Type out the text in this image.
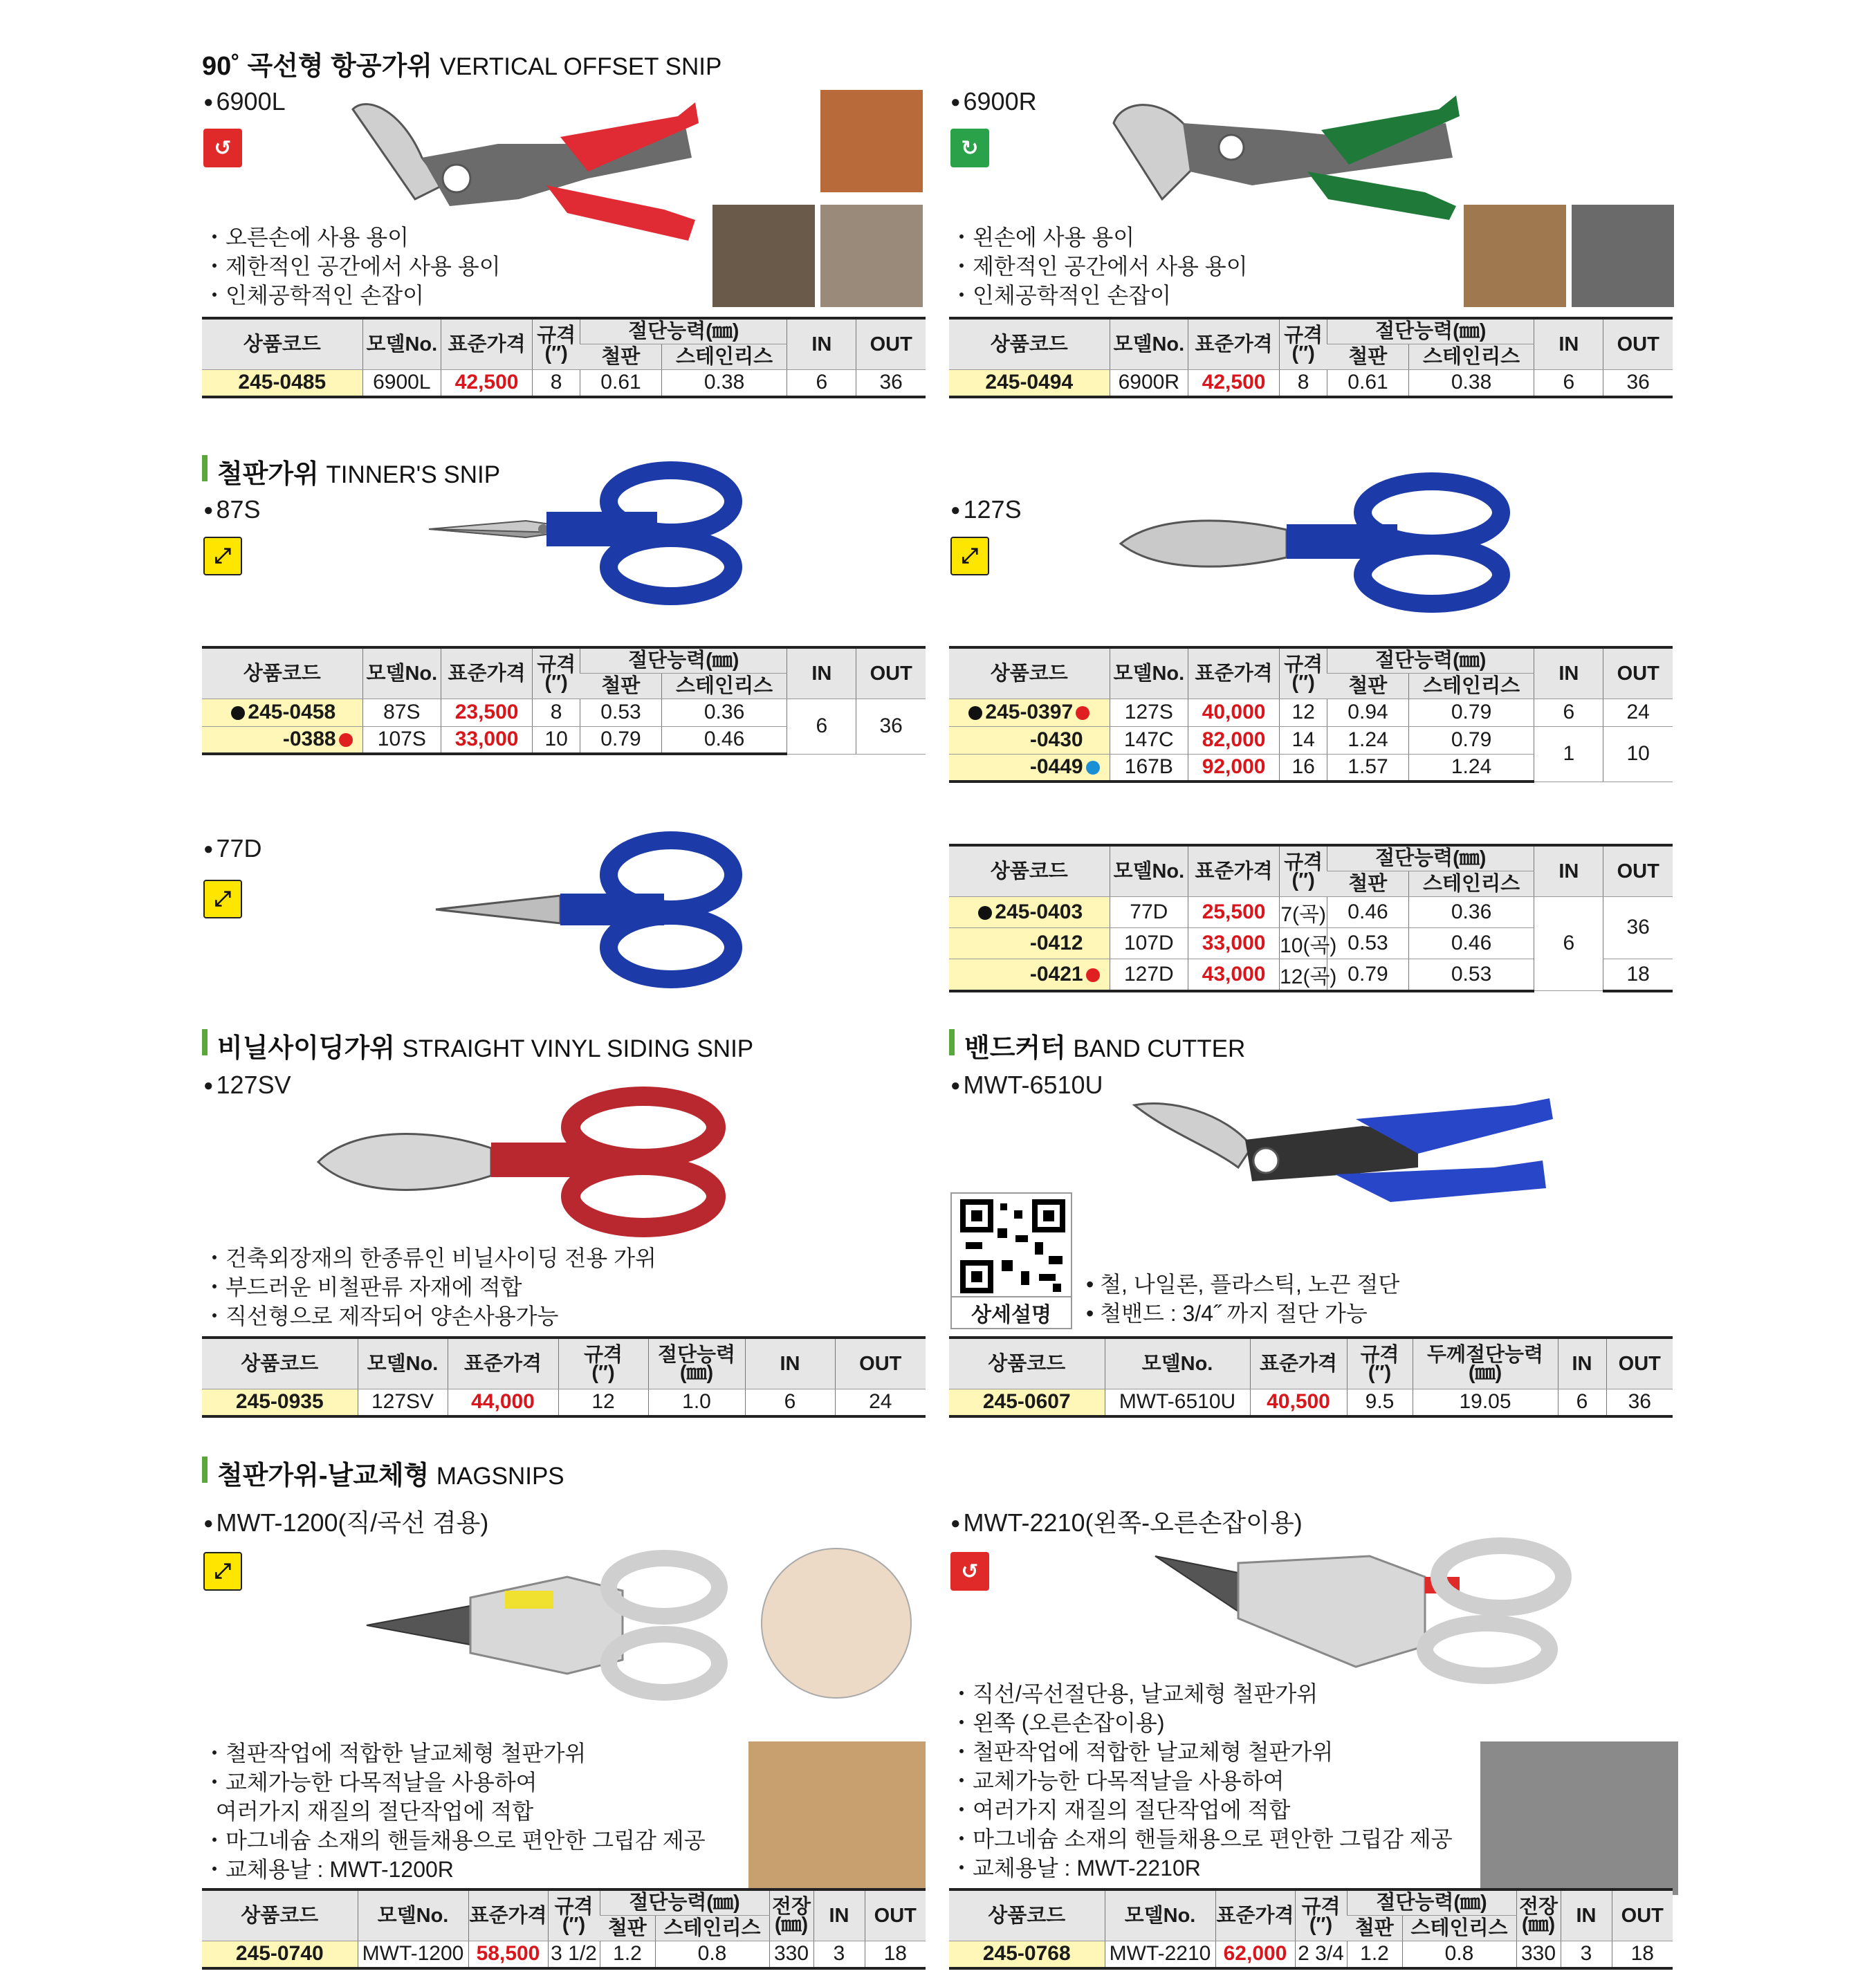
90˚ 곡선형 항공가위 VERTICAL OFFSET SNIP
● 6900L
↺
・오른손에 사용 용이
・제한적인 공간에서 사용 용이
・인체공학적인 손잡이
상품코드	모델No.	표준가격	규격
(″)	절단능력(㎜)		IN	OUT
				철판	스테인리스		
245-0485	6900L	42,500	8	0.61	0.38	6	36
● 6900R
↻
・왼손에 사용 용이
・제한적인 공간에서 사용 용이
・인체공학적인 손잡이
상품코드	모델No.	표준가격	규격
(″)	절단능력(㎜)		IN	OUT
				철판	스테인리스		
245-0494	6900R	42,500	8	0.61	0.38	6	36
철판가위 TINNER'S SNIP
● 87S
⤢
● 127S
⤢
상품코드	모델No.	표준가격	규격
(″)	절단능력(㎜)		IN	OUT
				철판	스테인리스		
245-0458	87S	23,500	8	0.53	0.36	6	36
-0388	107S	33,000	10	0.79	0.46		
상품코드	모델No.	표준가격	규격
(″)	절단능력(㎜)		IN	OUT
				철판	스테인리스		
245-0397	127S	40,000	12	0.94	0.79	6	24
-0430	147C	82,000	14	1.24	0.79	1	10
-0449	167B	92,000	16	1.57	1.24		
● 77D
⤢
상품코드	모델No.	표준가격	규격
(″)	절단능력(㎜)		IN	OUT
				철판	스테인리스		
245-0403	77D	25,500	7(곡)	0.46	0.36	6	36
-0412	107D	33,000	10(곡)	0.53	0.46		
-0421	127D	43,000	12(곡)	0.79	0.53		18
비닐사이딩가위 STRAIGHT VINYL SIDING SNIP
● 127SV
・건축외장재의 한종류인 비닐사이딩 전용 가위
・부드러운 비철판류 자재에 적합
・직선형으로 제작되어 양손사용가능
상품코드	모델No.	표준가격	규격
(″)	절단능력
(㎜)	IN	OUT
245-0935	127SV	44,000	12	1.0	6	24
밴드커터 BAND CUTTER
● MWT-6510U
상세설명
• 철, 나일론, 플라스틱, 노끈 절단
• 철밴드 : 3/4˝ 까지 절단 가능
상품코드	모델No.	표준가격	규격
(″)	두께절단능력
(㎜)	IN	OUT
245-0607	MWT-6510U	40,500	9.5	19.05	6	36
철판가위-날교체형 MAGSNIPS
● MWT-1200(직/곡선 겸용)
⤢
・철판작업에 적합한 날교체형 철판가위
・교체가능한 다목적날을 사용하여
여러가지 재질의 절단작업에 적합
・마그네슘 소재의 핸들채용으로 편안한 그립감 제공
・교체용날 : MWT-1200R
상품코드	모델No.	표준가격	규격
(″)	절단능력(㎜)		전장
(㎜)	IN	OUT
				철판	스테인리스			
245-0740	MWT-1200	58,500	3 1/2	1.2	0.8	330	3	18
● MWT-2210(왼쪽-오른손잡이용)
↺
・직선/곡선절단용, 날교체형 철판가위
・왼쪽 (오른손잡이용)
・철판작업에 적합한 날교체형 철판가위
・교체가능한 다목적날을 사용하여
・여러가지 재질의 절단작업에 적합
・마그네슘 소재의 핸들채용으로 편안한 그립감 제공
・교체용날 : MWT-2210R
상품코드	모델No.	표준가격	규격
(″)	절단능력(㎜)		전장
(㎜)	IN	OUT
				철판	스테인리스			
245-0768	MWT-2210	62,000	2 3/4	1.2	0.8	330	3	18
